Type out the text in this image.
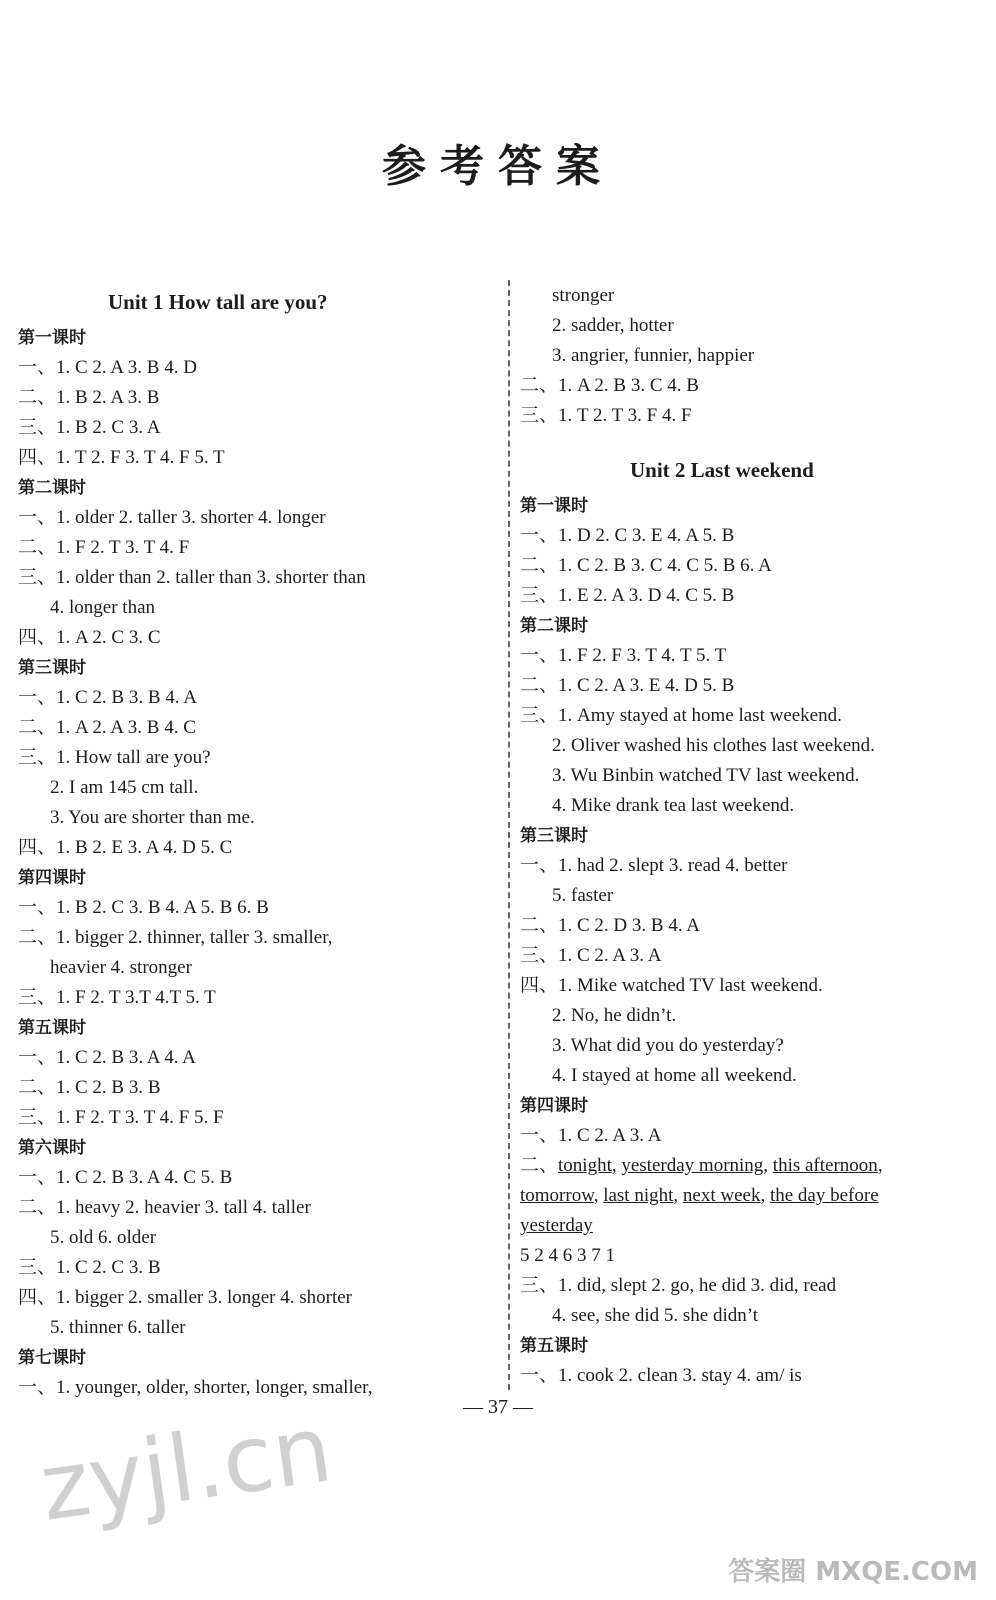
参考答案
Unit 1 How tall are you?
第一课时
一、1. C 2. A 3. B 4. D
二、1. B 2. A 3. B
三、1. B 2. C 3. A
四、1. T 2. F 3. T 4. F 5. T
第二课时
一、1. older 2. taller 3. shorter 4. longer
二、1. F 2. T 3. T 4. F
三、1. older than 2. taller than 3. shorter than
4. longer than
四、1. A 2. C 3. C
第三课时
一、1. C 2. B 3. B 4. A
二、1. A 2. A 3. B 4. C
三、1. How tall are you?
2. I am 145 cm tall.
3. You are shorter than me.
四、1. B 2. E 3. A 4. D 5. C
第四课时
一、1. B 2. C 3. B 4. A 5. B 6. B
二、1. bigger 2. thinner, taller 3. smaller,
heavier 4. stronger
三、1. F 2. T 3.T 4.T 5. T
第五课时
一、1. C 2. B 3. A 4. A
二、1. C 2. B 3. B
三、1. F 2. T 3. T 4. F 5. F
第六课时
一、1. C 2. B 3. A 4. C 5. B
二、1. heavy 2. heavier 3. tall 4. taller
5. old 6. older
三、1. C 2. C 3. B
四、1. bigger 2. smaller 3. longer 4. shorter
5. thinner 6. taller
第七课时
一、1. younger, older, shorter, longer, smaller,
stronger
2. sadder, hotter
3. angrier, funnier, happier
二、1. A 2. B 3. C 4. B
三、1. T 2. T 3. F 4. F
Unit 2 Last weekend
第一课时
一、1. D 2. C 3. E 4. A 5. B
二、1. C 2. B 3. C 4. C 5. B 6. A
三、1. E 2. A 3. D 4. C 5. B
第二课时
一、1. F 2. F 3. T 4. T 5. T
二、1. C 2. A 3. E 4. D 5. B
三、1. Amy stayed at home last weekend.
2. Oliver washed his clothes last weekend.
3. Wu Binbin watched TV last weekend.
4. Mike drank tea last weekend.
第三课时
一、1. had 2. slept 3. read 4. better
5. faster
二、1. C 2. D 3. B 4. A
三、1. C 2. A 3. A
四、1. Mike watched TV last weekend.
2. No, he didn’t.
3. What did you do yesterday?
4. I stayed at home all weekend.
第四课时
一、1. C 2. A 3. A
二、tonight, yesterday morning, this afternoon,
tomorrow, last night, next week, the day before
yesterday
5 2 4 6 3 7 1
三、1. did, slept 2. go, he did 3. did, read
4. see, she did 5. she didn’t
第五课时
一、1. cook 2. clean 3. stay 4. am/ is
— 37 —
zyjl.cn
答案圈 MXQE.COM
